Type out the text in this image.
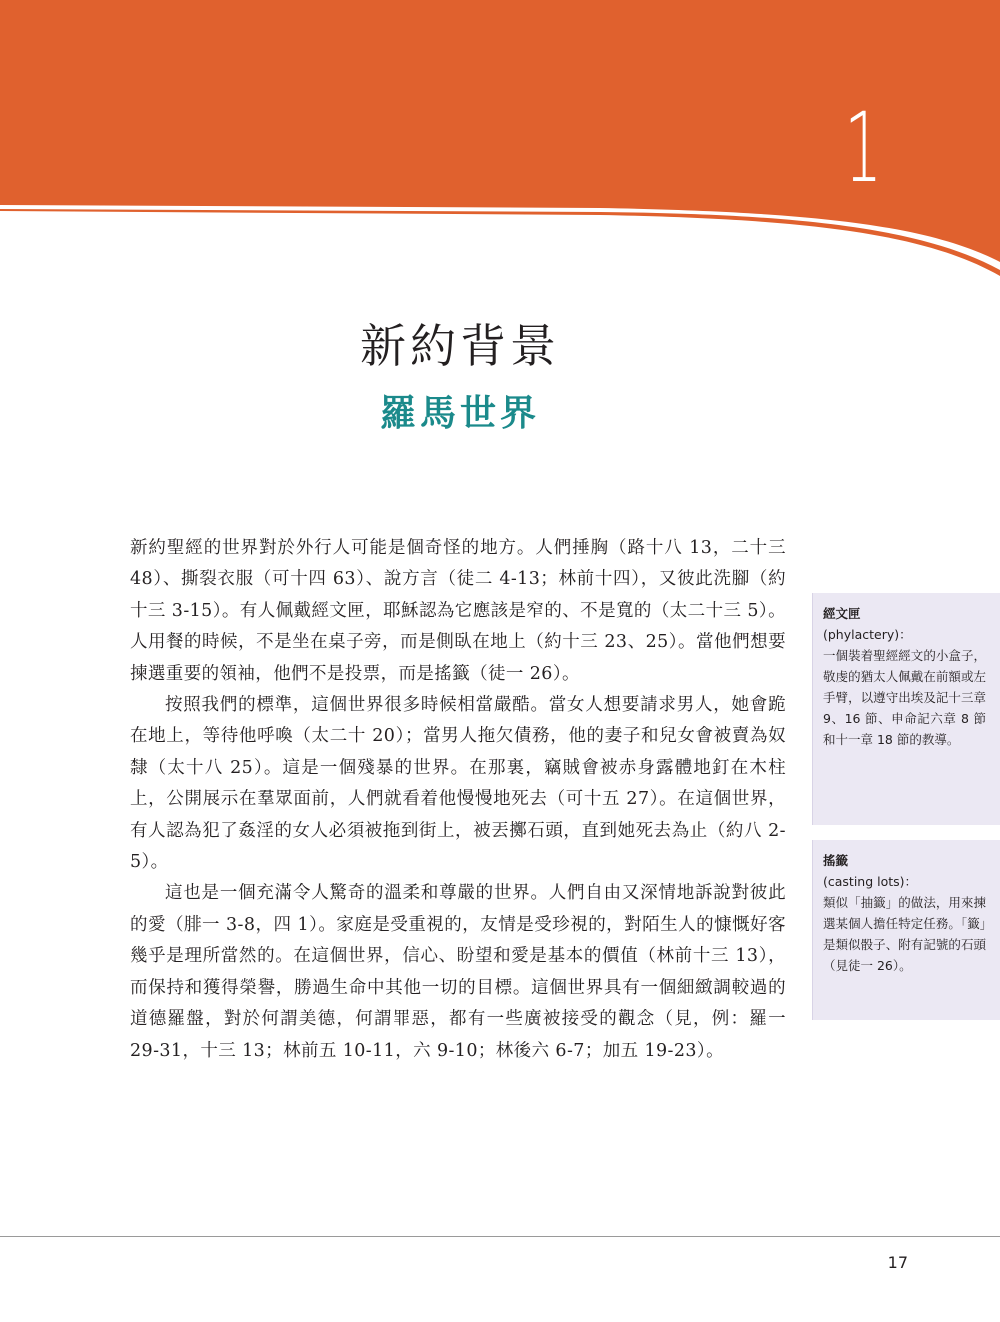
1
新約背景
羅馬世界

新約聖經的世界對於外行人可能是個奇怪的地方。人們捶胸（路十八 13，二十三 48）、撕裂衣服（可十四 63）、說方言（徒二 4-13；林前十四），又彼此洗腳（約十三 3-15）。有人佩戴經文匣，耶穌認為它應該是窄的、不是寬的（太二十三 5）。人用餐的時候，不是坐在桌子旁，而是側臥在地上（約十三 23、25）。當他們想要揀選重要的領袖，他們不是投票，而是搖籤（徒一 26）。

按照我們的標準，這個世界很多時候相當嚴酷。當女人想要請求男人，她會跪在地上，等待他呼喚（太二十 20）；當男人拖欠債務，他的妻子和兒女會被賣為奴隸（太十八 25）。這是一個殘暴的世界。在那裏，竊賊會被赤身露體地釘在木柱上，公開展示在羣眾面前，人們就看着他慢慢地死去（可十五 27）。在這個世界，有人認為犯了姦淫的女人必須被拖到街上，被丟擲石頭，直到她死去為止（約八 2-5）。

這也是一個充滿令人驚奇的溫柔和尊嚴的世界。人們自由又深情地訴說對彼此的愛（腓一 3-8，四 1）。家庭是受重視的，友情是受珍視的，對陌生人的慷慨好客幾乎是理所當然的。在這個世界，信心、盼望和愛是基本的價值（林前十三 13），而保持和獲得榮譽，勝過生命中其他一切的目標。這個世界具有一個細緻調較過的道德羅盤，對於何謂美德，何謂罪惡，都有一些廣被接受的觀念（見，例：羅一 29-31，十三 13；林前五 10-11，六 9-10；林後六 6-7；加五 19-23）。

經文匣
(phylactery)：
一個裝着聖經經文的小盒子，敬虔的猶太人佩戴在前額或左手臂，以遵守出埃及記十三章 9、16 節、申命記六章 8 節和十一章 18 節的教導。
搖籤
(casting lots)：
類似「抽籤」的做法，用來揀選某個人擔任特定任務。「籤」是類似骰子、附有記號的石頭（見徒一 26）。
17
